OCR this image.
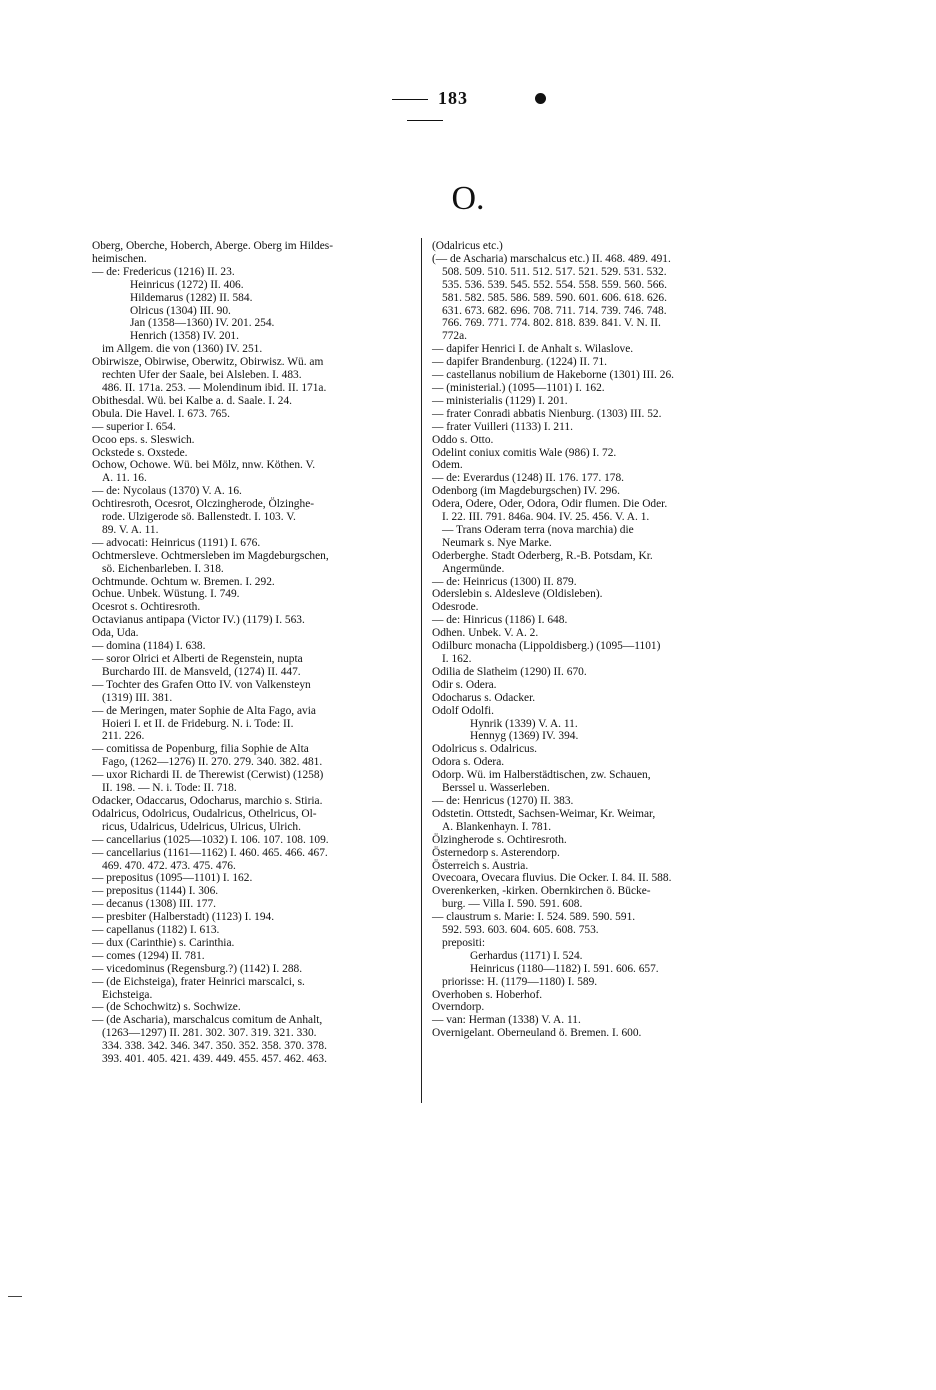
183
O.
Oberg, Oberche, Hoberch, Aberge. Oberg im Hildes-
heimischen.
— de: Fredericus (1216) II. 23.
Heinricus (1272) II. 406.
Hildemarus (1282) II. 584.
Olricus (1304) III. 90.
Jan (1358—1360) IV. 201. 254.
Henrich (1358) IV. 201.
im Allgem. die von (1360) IV. 251.
Obirwisze, Obirwise, Oberwitz, Obirwisz. Wü. am
rechten Ufer der Saale, bei Alsleben. I. 483.
486. II. 171a. 253. — Molendinum ibid. II. 171a.
Obithesdal. Wü. bei Kalbe a. d. Saale. I. 24.
Obula. Die Havel. I. 673. 765.
— superior I. 654.
Ocoo eps. s. Sleswich.
Ockstede s. Oxstede.
Ochow, Ochowe. Wü. bei Mölz, nnw. Köthen. V.
A. 11. 16.
— de: Nycolaus (1370) V. A. 16.
Ochtiresroth, Ocesrot, Olczingherode, Ölzinghe-
rode. Ulzigerode sö. Ballenstedt. I. 103. V.
89. V. A. 11.
— advocati: Heinricus (1191) I. 676.
Ochtmersleve. Ochtmersleben im Magdeburgschen,
sö. Eichenbarleben. I. 318.
Ochtmunde. Ochtum w. Bremen. I. 292.
Ochue. Unbek. Wüstung. I. 749.
Ocesrot s. Ochtiresroth.
Octavianus antipapa (Victor IV.) (1179) I. 563.
Oda, Uda.
— domina (1184) I. 638.
— soror Olrici et Alberti de Regenstein, nupta
Burchardo III. de Mansveld, (1274) II. 447.
— Tochter des Grafen Otto IV. von Valkensteyn
(1319) III. 381.
— de Meringen, mater Sophie de Alta Fago, avia
Hoieri I. et II. de Frideburg. N. i. Tode: II.
211. 226.
— comitissa de Popenburg, filia Sophie de Alta
Fago, (1262—1276) II. 270. 279. 340. 382. 481.
— uxor Richardi II. de Therewist (Cerwist) (1258)
II. 198. — N. i. Tode: II. 718.
Odacker, Odaccarus, Odocharus, marchio s. Stiria.
Odalricus, Odolricus, Oudalricus, Othelricus, Ol-
ricus, Udalricus, Udelricus, Ulricus, Ulrich.
— cancellarius (1025—1032) I. 106. 107. 108. 109.
— cancellarius (1161—1162) I. 460. 465. 466. 467.
469. 470. 472. 473. 475. 476.
— prepositus (1095—1101) I. 162.
— prepositus (1144) I. 306.
— decanus (1308) III. 177.
— presbiter (Halberstadt) (1123) I. 194.
— capellanus (1182) I. 613.
— dux (Carinthie) s. Carinthia.
— comes (1294) II. 781.
— vicedominus (Regensburg.?) (1142) I. 288.
— (de Eichsteiga), frater Heinrici marscalci, s.
Eichsteiga.
— (de Schochwitz) s. Sochwize.
— (de Ascharia), marschalcus comitum de Anhalt,
(1263—1297) II. 281. 302. 307. 319. 321. 330.
334. 338. 342. 346. 347. 350. 352. 358. 370. 378.
393. 401. 405. 421. 439. 449. 455. 457. 462. 463.
(Odalricus etc.)
(— de Ascharia) marschalcus etc.) II. 468. 489. 491.
508. 509. 510. 511. 512. 517. 521. 529. 531. 532.
535. 536. 539. 545. 552. 554. 558. 559. 560. 566.
581. 582. 585. 586. 589. 590. 601. 606. 618. 626.
631. 673. 682. 696. 708. 711. 714. 739. 746. 748.
766. 769. 771. 774. 802. 818. 839. 841. V. N. II.
772a.
— dapifer Henrici I. de Anhalt s. Wilaslove.
— dapifer Brandenburg. (1224) II. 71.
— castellanus nobilium de Hakeborne (1301) III. 26.
— (ministerial.) (1095—1101) I. 162.
— ministerialis (1129) I. 201.
— frater Conradi abbatis Nienburg. (1303) III. 52.
— frater Vuilleri (1133) I. 211.
Oddo s. Otto.
Odelint coniux comitis Wale (986) I. 72.
Odem.
— de: Everardus (1248) II. 176. 177. 178.
Odenborg (im Magdeburgschen) IV. 296.
Odera, Odere, Oder, Odora, Odir flumen. Die Oder.
I. 22. III. 791. 846a. 904. IV. 25. 456. V. A. 1.
— Trans Oderam terra (nova marchia) die
Neumark s. Nye Marke.
Oderberghe. Stadt Oderberg, R.-B. Potsdam, Kr.
Angermünde.
— de: Heinricus (1300) II. 879.
Oderslebin s. Aldesleve (Oldisleben).
Odesrode.
— de: Hinricus (1186) I. 648.
Odhen. Unbek. V. A. 2.
Odilburc monacha (Lippoldisberg.) (1095—1101)
I. 162.
Odilia de Slatheim (1290) II. 670.
Odir s. Odera.
Odocharus s. Odacker.
Odolf Odolfi.
Hynrik (1339) V. A. 11.
Hennyg (1369) IV. 394.
Odolricus s. Odalricus.
Odora s. Odera.
Odorp. Wü. im Halberstädtischen, zw. Schauen,
Berssel u. Wasserleben.
— de: Henricus (1270) II. 383.
Odstetin. Ottstedt, Sachsen-Weimar, Kr. Weimar,
A. Blankenhayn. I. 781.
Ölzingherode s. Ochtiresroth.
Östernedorp s. Asterendorp.
Österreich s. Austria.
Ovecoara, Ovecara fluvius. Die Ocker. I. 84. II. 588.
Overenkerken, -kirken. Obernkirchen ö. Bücke-
burg. — Villa I. 590. 591. 608.
— claustrum s. Marie: I. 524. 589. 590. 591.
592. 593. 603. 604. 605. 608. 753.
prepositi:
Gerhardus (1171) I. 524.
Heinricus (1180—1182) I. 591. 606. 657.
priorisse: H. (1179—1180) I. 589.
Overhoben s. Hoberhof.
Overndorp.
— van: Herman (1338) V. A. 11.
Overnigelant. Oberneuland ö. Bremen. I. 600.
